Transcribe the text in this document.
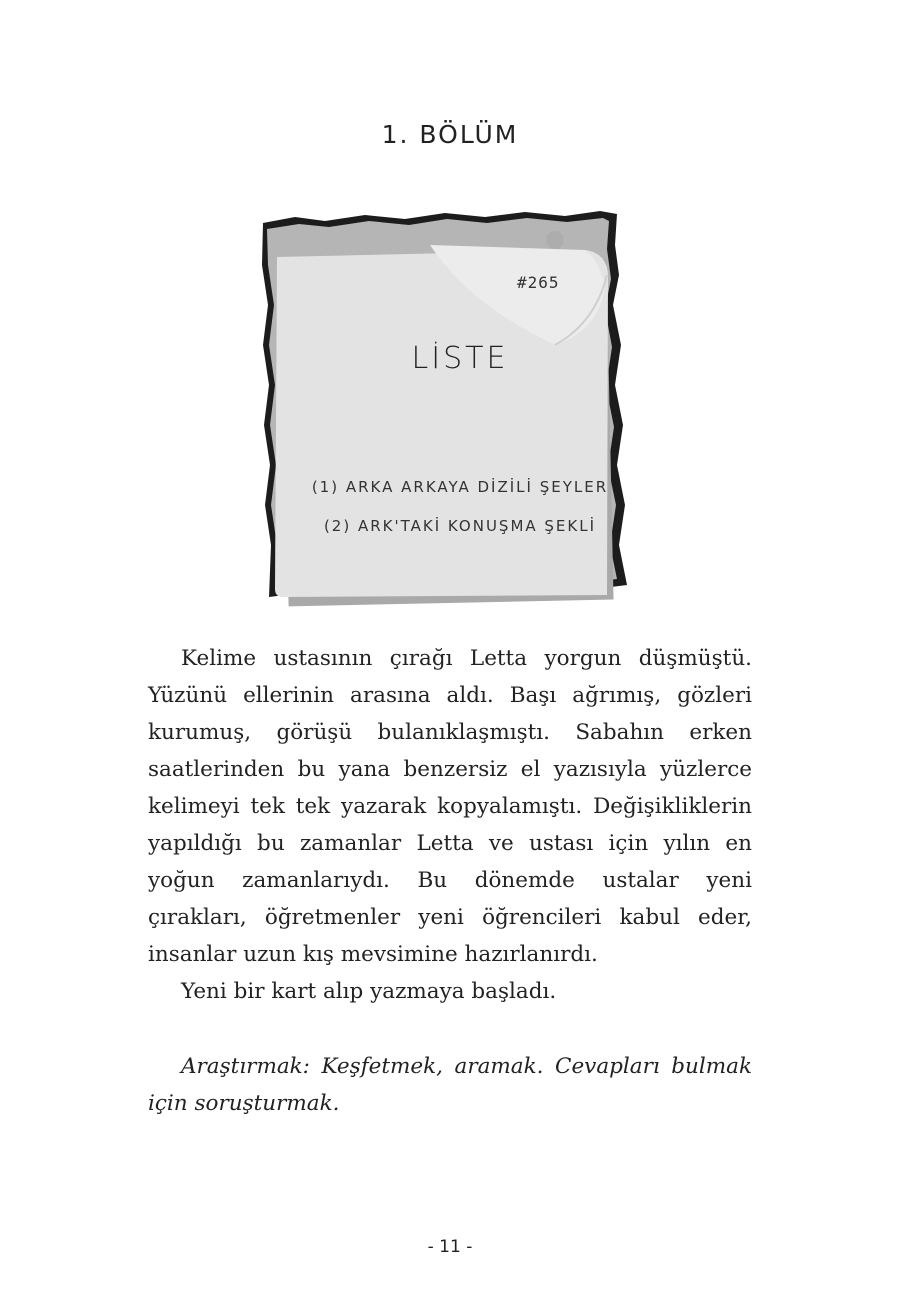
1. BÖLÜM
#265
LİSTE
(1) ARKA ARKAYA DİZİLİ ŞEYLER
(2) ARK'TAKİ KONUŞMA ŞEKLİ

Kelime ustasının çırağı Letta yorgun düşmüştü. Yüzünü ellerinin arasına aldı. Başı ağrımış, gözleri kurumuş, görüşü bulanıklaşmıştı. Sabahın erken saatlerinden bu yana benzersiz el yazısıyla yüzlerce kelimeyi tek tek yazarak kopyalamıştı. Değişikliklerin yapıldığı bu zamanlar Letta ve ustası için yılın en yoğun zamanlarıydı. Bu dönemde ustalar yeni çırakları, öğretmenler yeni öğrencileri kabul eder, insanlar uzun kış mevsimine hazırlanırdı.

Yeni bir kart alıp yazmaya başladı.

Araştırmak: Keşfetmek, aramak. Cevapları bulmak için soruşturmak.

- 11 -
